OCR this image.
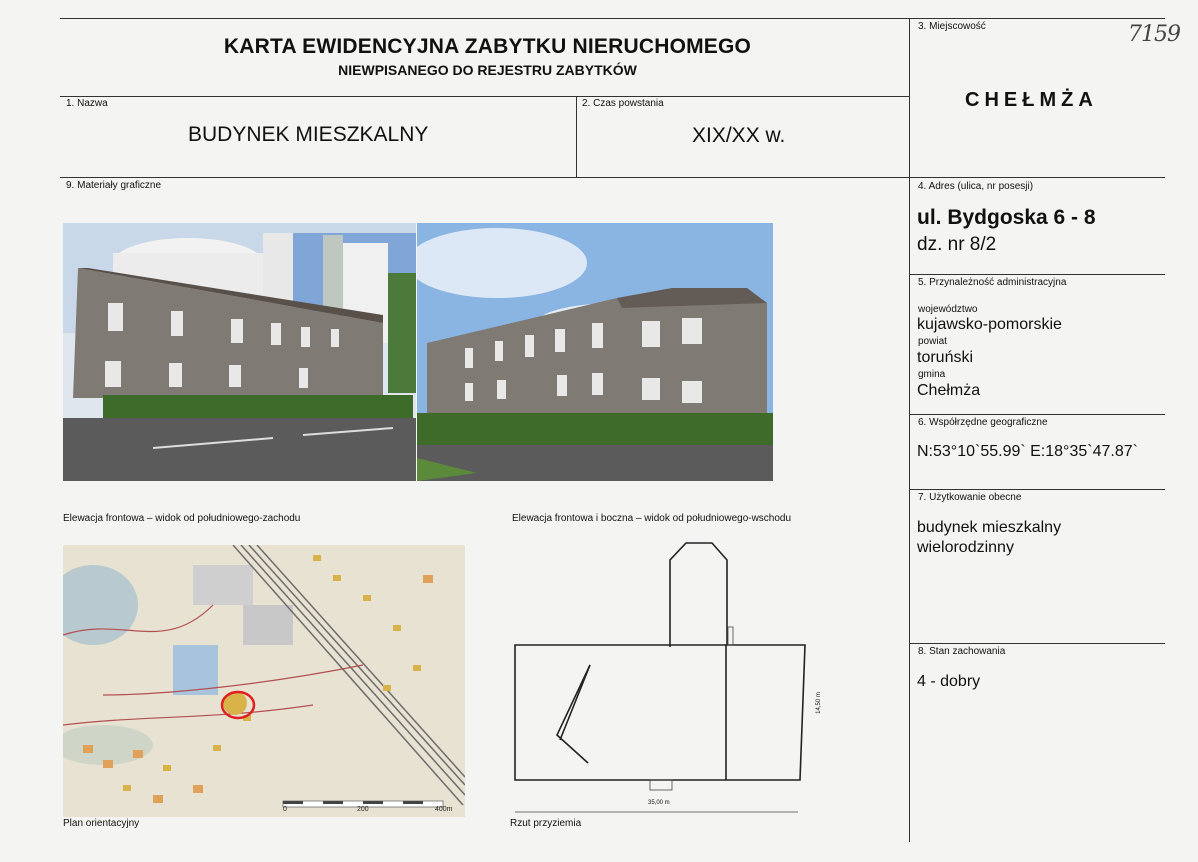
KARTA EWIDENCYJNA ZABYTKU NIERUCHOMEGO
NIEWPISANEGO DO REJESTRU ZABYTKÓW
7159
1. Nazwa
BUDYNEK MIESZKALNY
2. Czas powstania
XIX/XX w.
3. Miejscowość
CHEŁMŻA
4. Adres (ulica, nr posesji)
ul. Bydgoska 6 - 8
dz. nr 8/2
5. Przynależność administracyjna
województwo
kujawsko-pomorskie
powiat
toruński
gmina
Chełmża
6. Współrzędne geograficzne
N:53°10`55.99` E:18°35`47.87`
7. Użytkowanie obecne
budynek mieszkalny
wielorodzinny
8. Stan zachowania
4 - dobry
9. Materiały graficzne
Elewacja frontowa – widok od południowego-zachodu	Elewacja frontowa i boczna – widok od południowego-wschodu
0	200	400m
35,00 m
14,50 m
Plan orientacyjny	Rzut przyziemia
